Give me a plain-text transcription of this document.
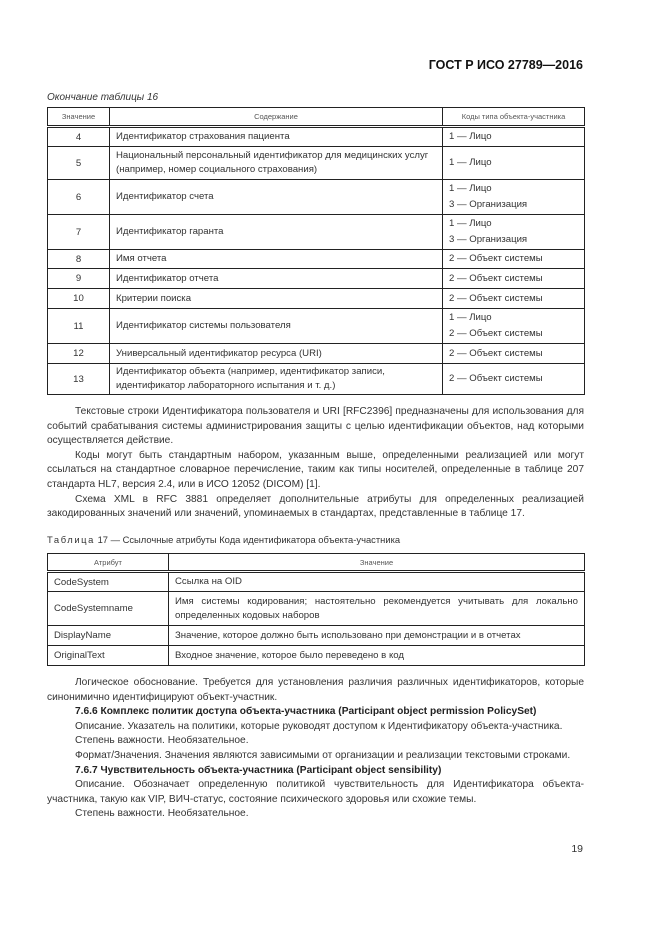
ГОСТ Р ИСО 27789—2016
Окончание таблицы 16
Значение	Содержание	Коды типа объекта-участника
4	Идентификатор страхования пациента	1 — Лицо

5	Национальный персональный идентификатор для медицинских услуг (например, номер социального страхования)	1 — Лицо

6	Идентификатор счета	1 — Лицо
3 — Организация

7	Идентификатор гаранта	1 — Лицо
3 — Организация

8	Имя отчета	2 — Объект системы

9	Идентификатор отчета	2 — Объект системы

10	Критерии поиска	2 — Объект системы

11	Идентификатор системы пользователя	1 — Лицо
2 — Объект системы

12	Универсальный идентификатор ресурса (URI)	2 — Объект системы

13	Идентификатор объекта (например, идентификатор записи, идентификатор лабораторного испытания и т. д.)	2 — Объект системы

Текстовые строки Идентификатора пользователя и URI [RFC2396] предназначены для использования для событий срабатывания системы администрирования защиты с целью идентификации объектов, над которыми осуществляется действие.

Коды могут быть стандартным набором, указанным выше, определенными реализацией или могут ссылаться на стандартное словарное перечисление, таким как типы носителей, определенные в таблице 207 стандарта HL7, версия 2.4, или в ИСО 12052 (DICOM) [1].

Схема XML в RFC 3881 определяет дополнительные атрибуты для определенных реализацией закодированных значений или значений, упоминаемых в стандартах, представленные в таблице 17.

Таблица 17 — Ссылочные атрибуты Кода идентификатора объекта-участника
Атрибут	Значение
CodeSystem	Ссылка на OID
CodeSystemname	Имя системы кодирования; настоятельно рекомендуется учитывать для локально определенных кодовых наборов
DisplayName	Значение, которое должно быть использовано при демонстрации и в отчетах
OriginalText	Входное значение, которое было переведено в код

Логическое обоснование. Требуется для установления различия различных идентификаторов, которые синонимично идентифицируют объект-участник.

7.6.6 Комплекс политик доступа объекта-участника (Participant object permission PolicySet)

Описание. Указатель на политики, которые руководят доступом к Идентификатору объекта-участника.

Степень важности. Необязательное.

Формат/Значения. Значения являются зависимыми от организации и реализации текстовыми строками.

7.6.7 Чувствительность объекта-участника (Participant object sensibility)

Описание. Обозначает определенную политикой чувствительность для Идентификатора объекта-участника, такую как VIP, ВИЧ-статус, состояние психического здоровья или схожие темы.

Степень важности. Необязательное.

19
